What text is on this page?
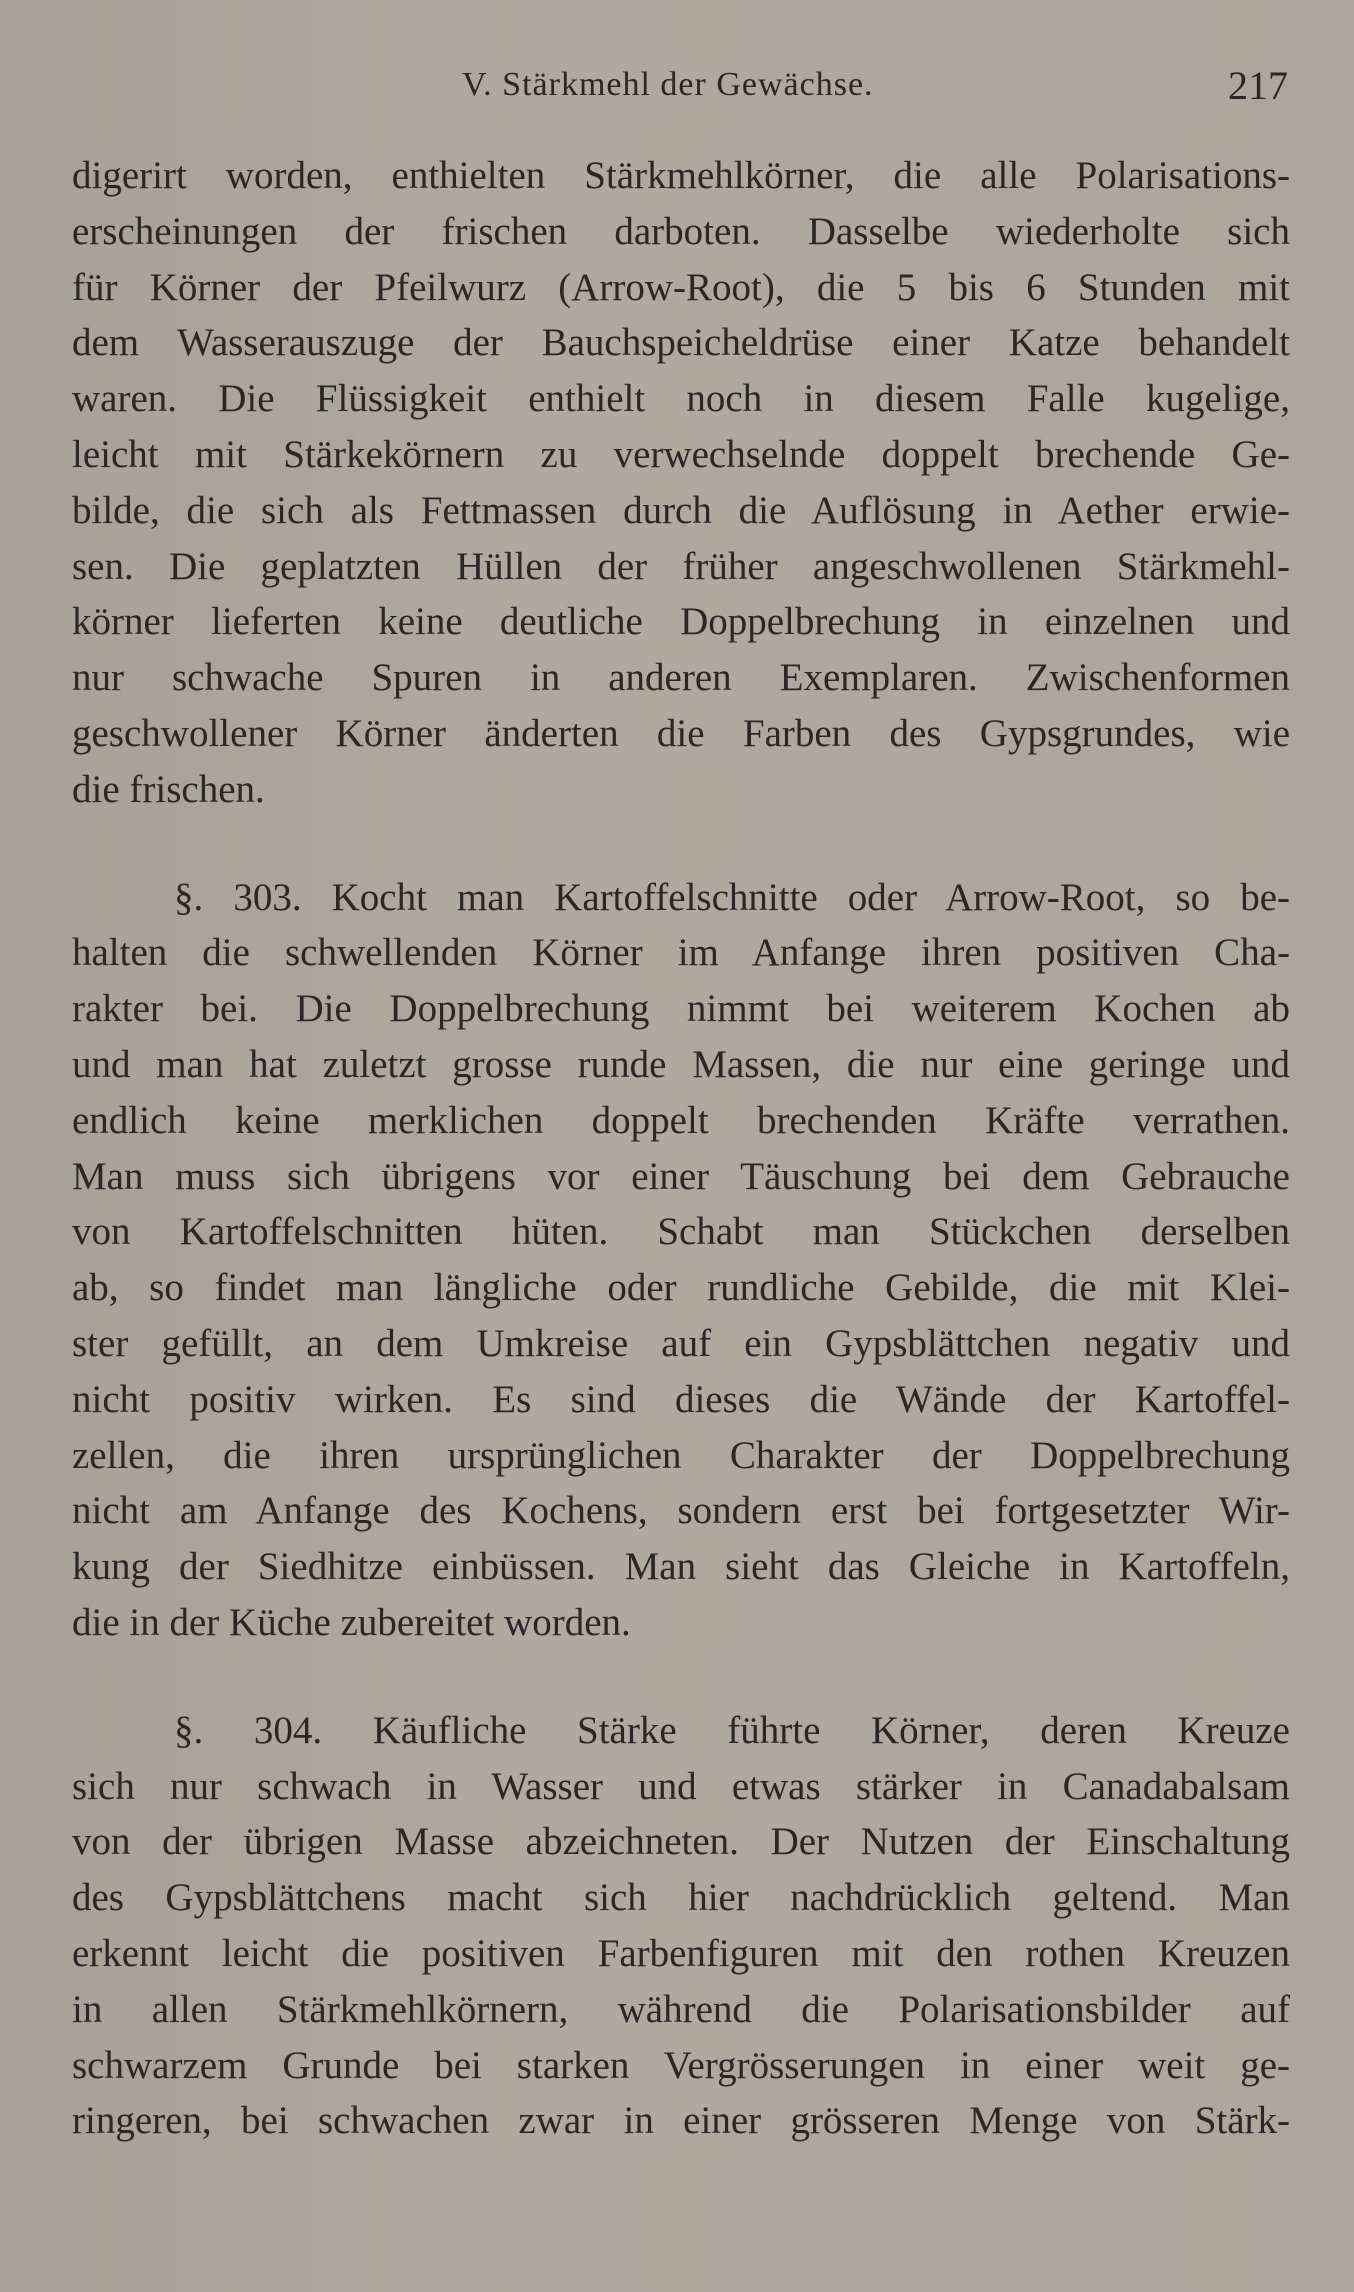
V. Stärkmehl der Gewächse.	217
digerirt worden, enthielten Stärkmehlkörner, die alle Polarisations-
erscheinungen der frischen darboten. Dasselbe wiederholte sich
für Körner der Pfeilwurz (Arrow-Root), die 5 bis 6 Stunden mit
dem Wasserauszuge der Bauchspeicheldrüse einer Katze behandelt
waren. Die Flüssigkeit enthielt noch in diesem Falle kugelige,
leicht mit Stärkekörnern zu verwechselnde doppelt brechende Ge-
bilde, die sich als Fettmassen durch die Auflösung in Aether erwie-
sen. Die geplatzten Hüllen der früher angeschwollenen Stärkmehl-
körner lieferten keine deutliche Doppelbrechung in einzelnen und
nur schwache Spuren in anderen Exemplaren. Zwischenformen
geschwollener Körner änderten die Farben des Gypsgrundes, wie
die frischen.
§. 303. Kocht man Kartoffelschnitte oder Arrow-Root, so be-
halten die schwellenden Körner im Anfange ihren positiven Cha-
rakter bei. Die Doppelbrechung nimmt bei weiterem Kochen ab
und man hat zuletzt grosse runde Massen, die nur eine geringe und
endlich keine merklichen doppelt brechenden Kräfte verrathen.
Man muss sich übrigens vor einer Täuschung bei dem Gebrauche
von Kartoffelschnitten hüten. Schabt man Stückchen derselben
ab, so findet man längliche oder rundliche Gebilde, die mit Klei-
ster gefüllt, an dem Umkreise auf ein Gypsblättchen negativ und
nicht positiv wirken. Es sind dieses die Wände der Kartoffel-
zellen, die ihren ursprünglichen Charakter der Doppelbrechung
nicht am Anfange des Kochens, sondern erst bei fortgesetzter Wir-
kung der Siedhitze einbüssen. Man sieht das Gleiche in Kartoffeln,
die in der Küche zubereitet worden.
§. 304. Käufliche Stärke führte Körner, deren Kreuze
sich nur schwach in Wasser und etwas stärker in Canadabalsam
von der übrigen Masse abzeichneten. Der Nutzen der Einschaltung
des Gypsblättchens macht sich hier nachdrücklich geltend. Man
erkennt leicht die positiven Farbenfiguren mit den rothen Kreuzen
in allen Stärkmehlkörnern, während die Polarisationsbilder auf
schwarzem Grunde bei starken Vergrösserungen in einer weit ge-
ringeren, bei schwachen zwar in einer grösseren Menge von Stärk-
